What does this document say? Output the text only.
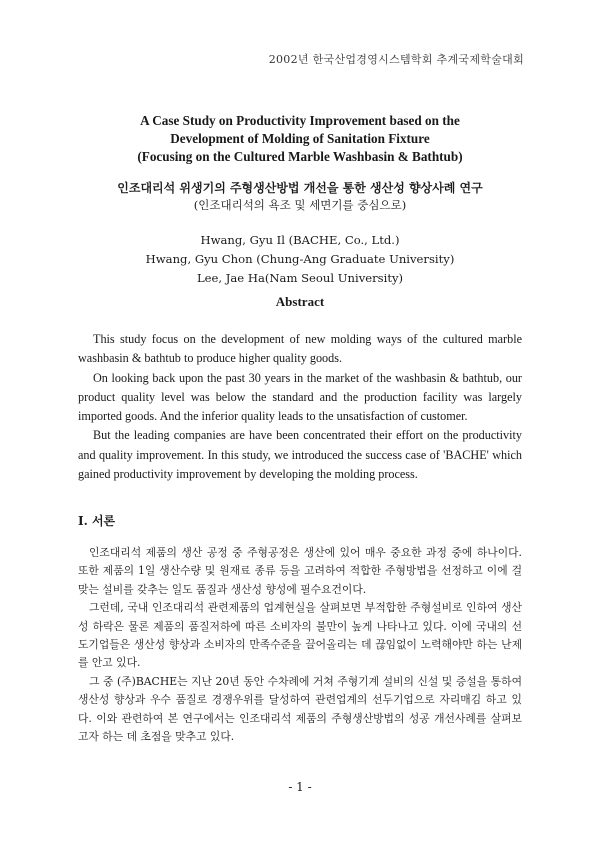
2002년 한국산업경영시스템학회 추계국제학술대회

A Case Study on Productivity Improvement based on the

Development of Molding of Sanitation Fixture

(Focusing on the Cultured Marble Washbasin & Bathtub)

인조대리석 위생기의 주형생산방법 개선을 통한 생산성 향상사례 연구

(인조대리석의 욕조 및 세면기를 중심으로)

Hwang, Gyu Il (BACHE, Co., Ltd.)
Hwang, Gyu Chon (Chung-Ang Graduate University)
Lee, Jae Ha(Nam Seoul University)
Abstract

This study focus on the development of new molding ways of the cultured marble washbasin & bathtub to produce higher quality goods.

On looking back upon the past 30 years in the market of the washbasin & bathtub, our product quality level was below the standard and the production facility was largely imported goods. And the inferior quality leads to the unsatisfaction of customer.

But the leading companies are have been concentrated their effort on the productivity and quality improvement. In this study, we introduced the success case of 'BACHE' which gained productivity improvement by developing the molding process.

Ⅰ. 서론

인조대리석 제품의 생산 공정 중 주형공정은 생산에 있어 매우 중요한 과정 중에 하나이다. 또한 제품의 1일 생산수량 및 원재료 종류 등을 고려하여 적합한 주형방법을 선정하고 이에 걸 맞는 설비를 갖추는 일도 품질과 생산성 향성에 필수요건이다.

그런데, 국내 인조대리석 관련제품의 업계현실을 살펴보면 부적합한 주형설비로 인하여 생산성 하락은 물론 제품의 품질저하에 따른 소비자의 불만이 높게 나타나고 있다. 이에 국내의 선도기업들은 생산성 향상과 소비자의 만족수준을 끌어올리는 데 끊임없이 노력해야만 하는 난제를 안고 있다.

그 중 (주)BACHE는 지난 20년 동안 수차례에 거쳐 주형기계 설비의 신설 및 증설을 통하여 생산성 향상과 우수 품질로 경쟁우위를 달성하여 관련업계의 선두기업으로 자리매김 하고 있다. 이와 관련하여 본 연구에서는 인조대리석 제품의 주형생산방법의 성공 개선사례를 살펴보고자 하는 데 초점을 맞추고 있다.

- 1 -
